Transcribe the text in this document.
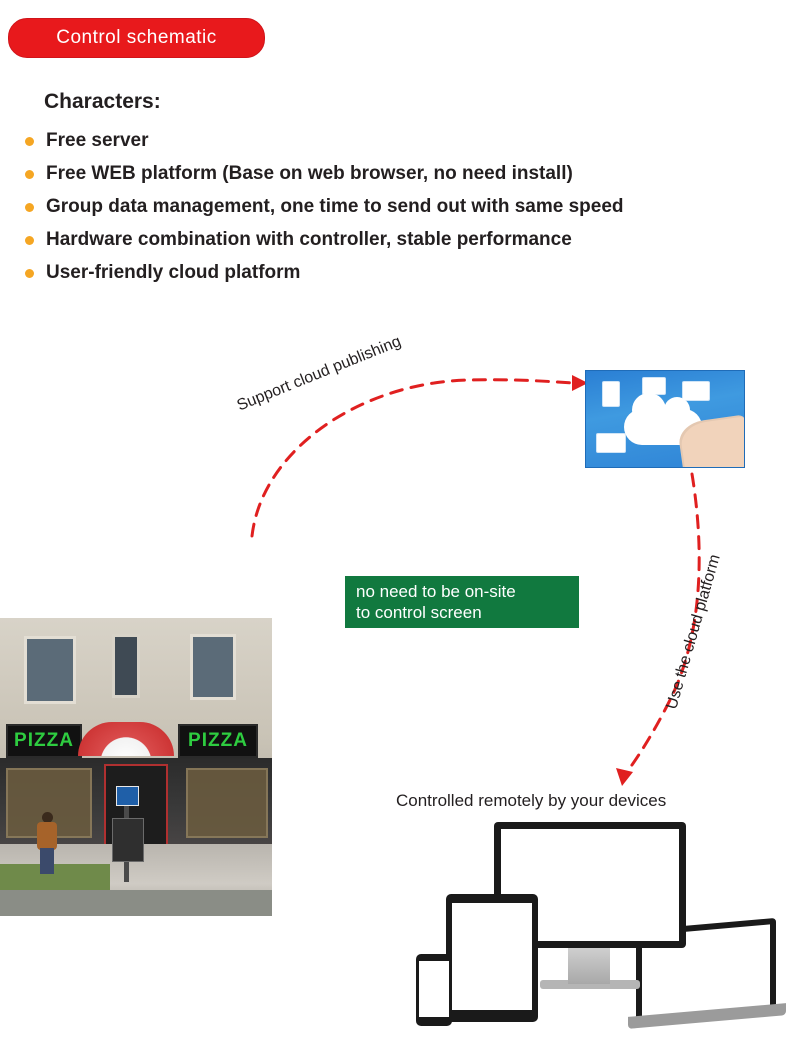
Control schematic
Characters:
Free server
Free WEB platform (Base on web browser, no need install)
Group data management, one time to send out with same speed
Hardware combination with controller, stable performance
User-friendly cloud platform
Support cloud publishing
Use the cloud platform
Controlled remotely by your devices
no need to be on-site
to control screen
PIZZA	PIZZA
